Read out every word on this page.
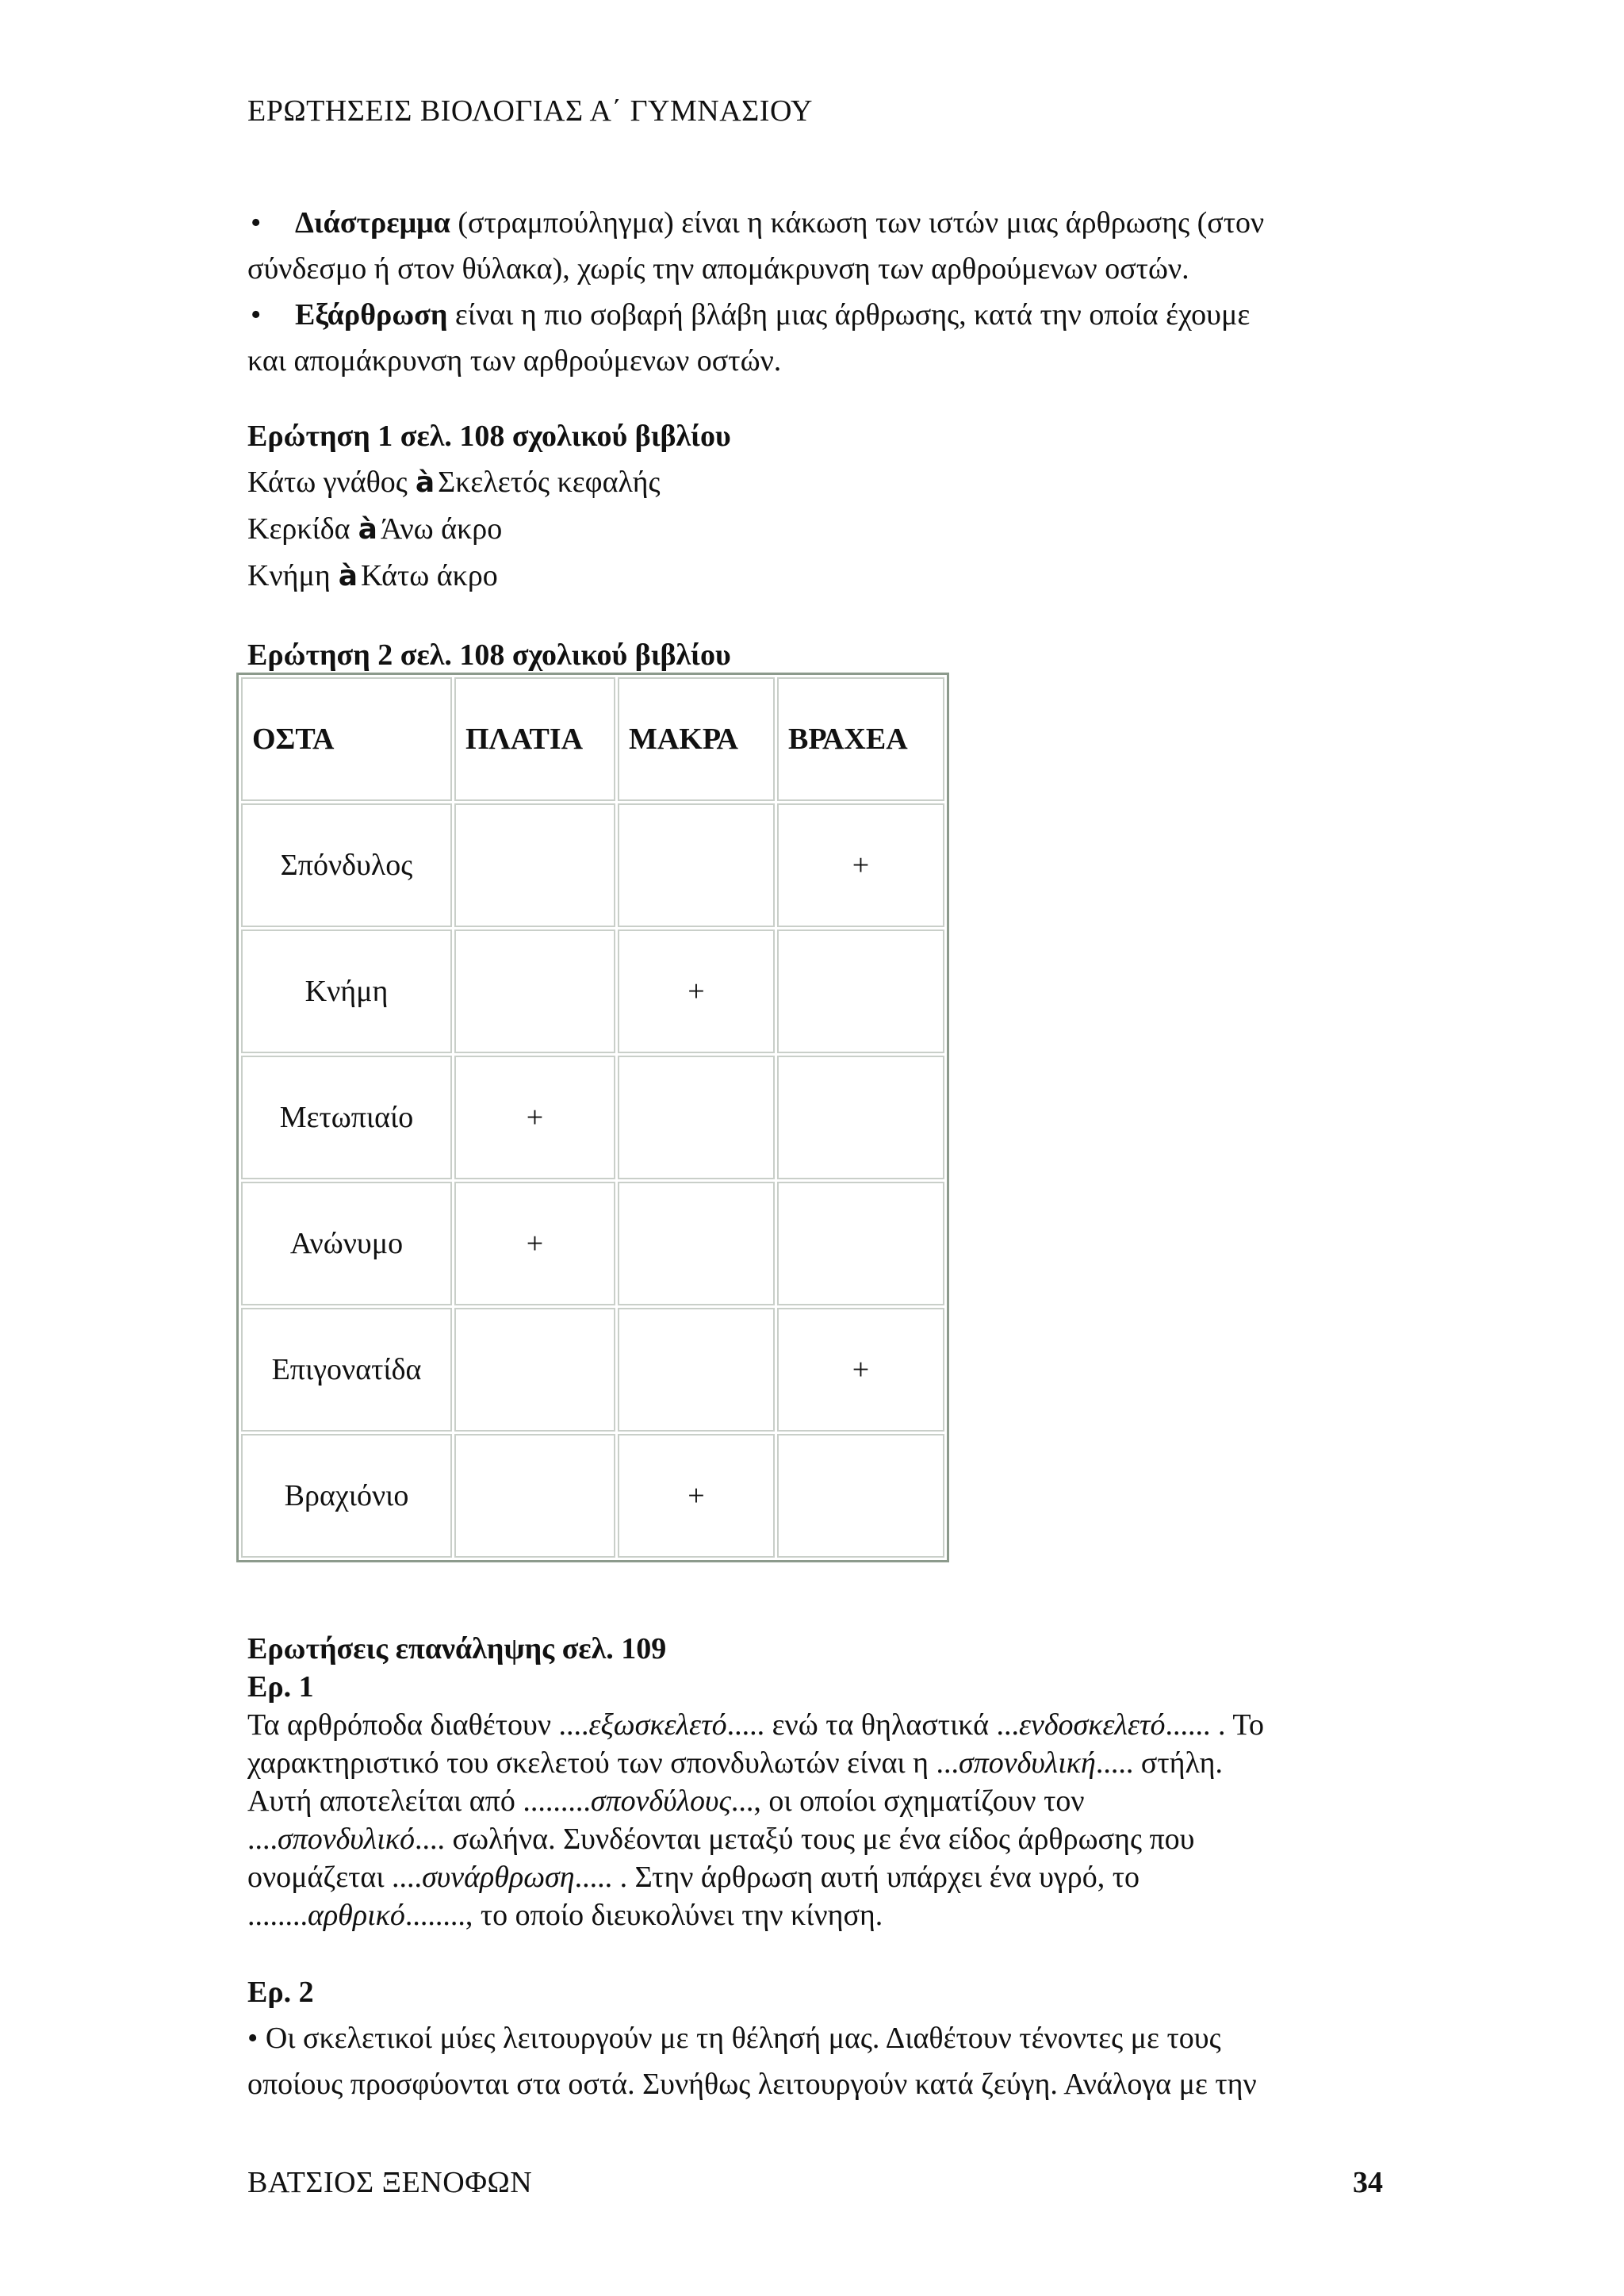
ΕΡΩΤΗΣΕΙΣ ΒΙΟΛΟΓΙΑΣ Α΄ ΓΥΜΝΑΣΙΟΥ
• Διάστρεμμα (στραμπούληγμα) είναι η κάκωση των ιστών μιας άρθρωσης (στον
σύνδεσμο ή στον θύλακα), χωρίς την απομάκρυνση των αρθρούμενων οστών.
• Εξάρθρωση είναι η πιο σοβαρή βλάβη μιας άρθρωσης, κατά την οποία έχουμε
και απομάκρυνση των αρθρούμενων οστών.
Ερώτηση 1 σελ. 108 σχολικού βιβλίου
Κάτω γνάθος à Σκελετός κεφαλής
Κερκίδα à Άνω άκρο
Κνήμη à Κάτω άκρο
Ερώτηση 2 σελ. 108 σχολικού βιβλίου
ΟΣΤΑ	ΠΛΑΤΙΑ	ΜΑΚΡΑ	ΒΡΑΧΕΑ
Σπόνδυλος			+
Κνήμη		+	
Μετωπιαίο	+		
Ανώνυμο	+		
Επιγονατίδα			+
Βραχιόνιο		+	
Ερωτήσεις επανάληψης σελ. 109
Ερ. 1
Τα αρθρόποδα διαθέτουν ....εξωσκελετό..... ενώ τα θηλαστικά ...ενδοσκελετό...... . Το
χαρακτηριστικό του σκελετού των σπονδυλωτών είναι η ...σπονδυλική..... στήλη.
Αυτή αποτελείται από .........σπονδύλους..., οι οποίοι σχηματίζουν τον
....σπονδυλικό.... σωλήνα. Συνδέονται μεταξύ τους με ένα είδος άρθρωσης που
ονομάζεται ....συνάρθρωση..... . Στην άρθρωση αυτή υπάρχει ένα υγρό, το
........αρθρικό........, το οποίο διευκολύνει την κίνηση.
Ερ. 2
• Οι σκελετικοί μύες λειτουργούν με τη θέλησή μας. Διαθέτουν τένοντες με τους
οποίους προσφύονται στα οστά. Συνήθως λειτουργούν κατά ζεύγη. Ανάλογα με την
ΒΑΤΣΙΟΣ ΞΕΝΟΦΩΝ	34
